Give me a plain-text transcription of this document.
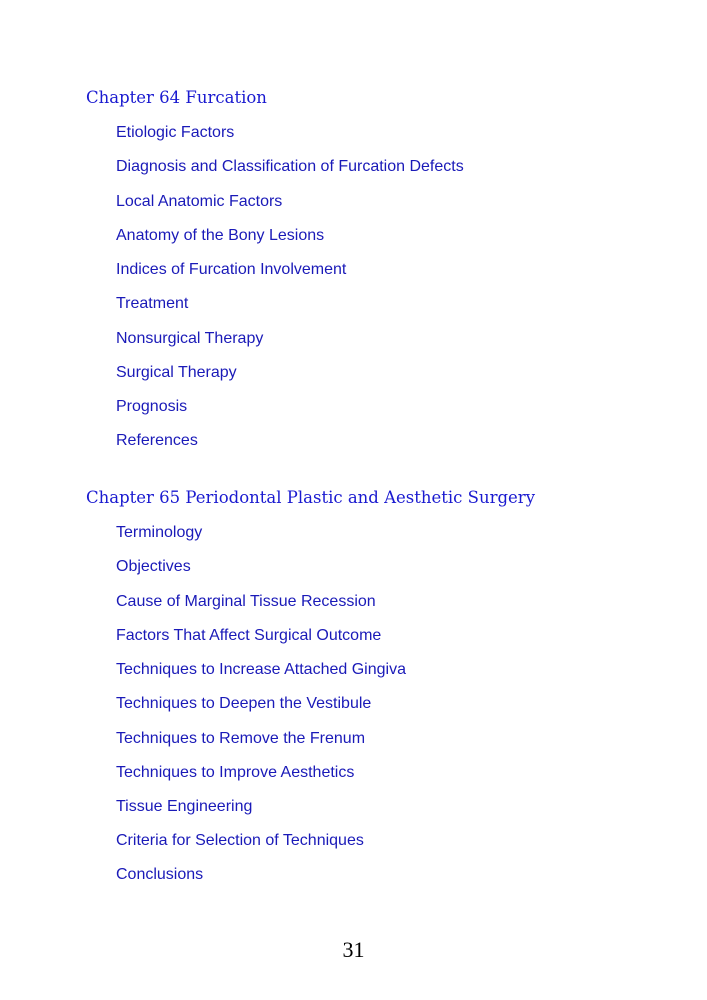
Chapter 64 Furcation
Etiologic Factors
Diagnosis and Classification of Furcation Defects
Local Anatomic Factors
Anatomy of the Bony Lesions
Indices of Furcation Involvement
Treatment
Nonsurgical Therapy
Surgical Therapy
Prognosis
References
Chapter 65 Periodontal Plastic and Aesthetic Surgery
Terminology
Objectives
Cause of Marginal Tissue Recession
Factors That Affect Surgical Outcome
Techniques to Increase Attached Gingiva
Techniques to Deepen the Vestibule
Techniques to Remove the Frenum
Techniques to Improve Aesthetics
Tissue Engineering
Criteria for Selection of Techniques
Conclusions
31
